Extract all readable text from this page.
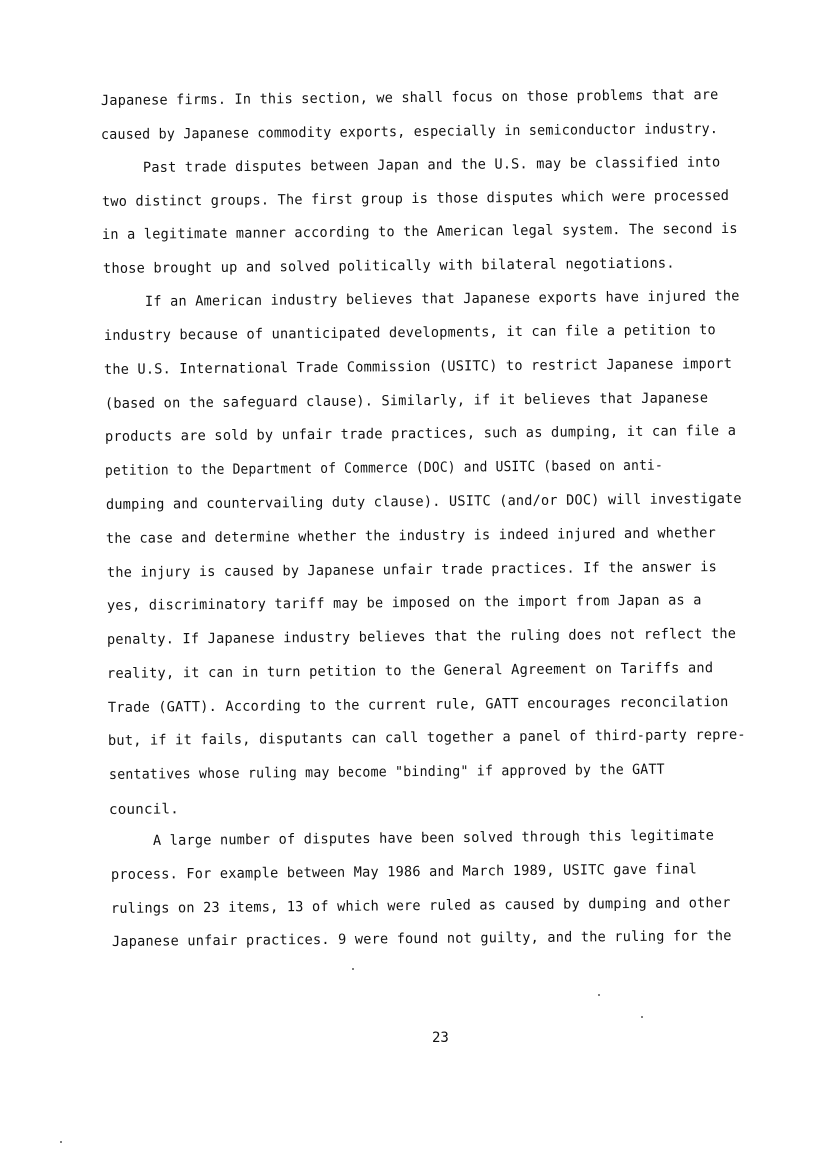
Japanese firms. In this section, we shall focus on those problems that are

caused by Japanese commodity exports, especially in semiconductor industry.

Past trade disputes between Japan and the U.S. may be classified into

two distinct groups. The first group is those disputes which were processed

in a legitimate manner according to the American legal system. The second is

those brought up and solved politically with bilateral negotiations.

If an American industry believes that Japanese exports have injured the

industry because of unanticipated developments, it can file a petition to

the U.S. International Trade Commission (USITC) to restrict Japanese import

(based on the safeguard clause). Similarly, if it believes that Japanese

products are sold by unfair trade practices, such as dumping, it can file a

petition to the Department of Commerce (DOC) and USITC (based on anti-

dumping and countervailing duty clause). USITC (and/or DOC) will investigate

the case and determine whether the industry is indeed injured and whether

the injury is caused by Japanese unfair trade practices. If the answer is

yes, discriminatory tariff may be imposed on the import from Japan as a

penalty. If Japanese industry believes that the ruling does not reflect the

reality, it can in turn petition to the General Agreement on Tariffs and

Trade (GATT). According to the current rule, GATT encourages reconcilation

but, if it fails, disputants can call together a panel of third-party repre-

sentatives whose ruling may become "binding" if approved by the GATT

council.

A large number of disputes have been solved through this legitimate

process. For example between May 1986 and March 1989, USITC gave final

rulings on 23 items, 13 of which were ruled as caused by dumping and other

Japanese unfair practices. 9 were found not guilty, and the ruling for the

23
